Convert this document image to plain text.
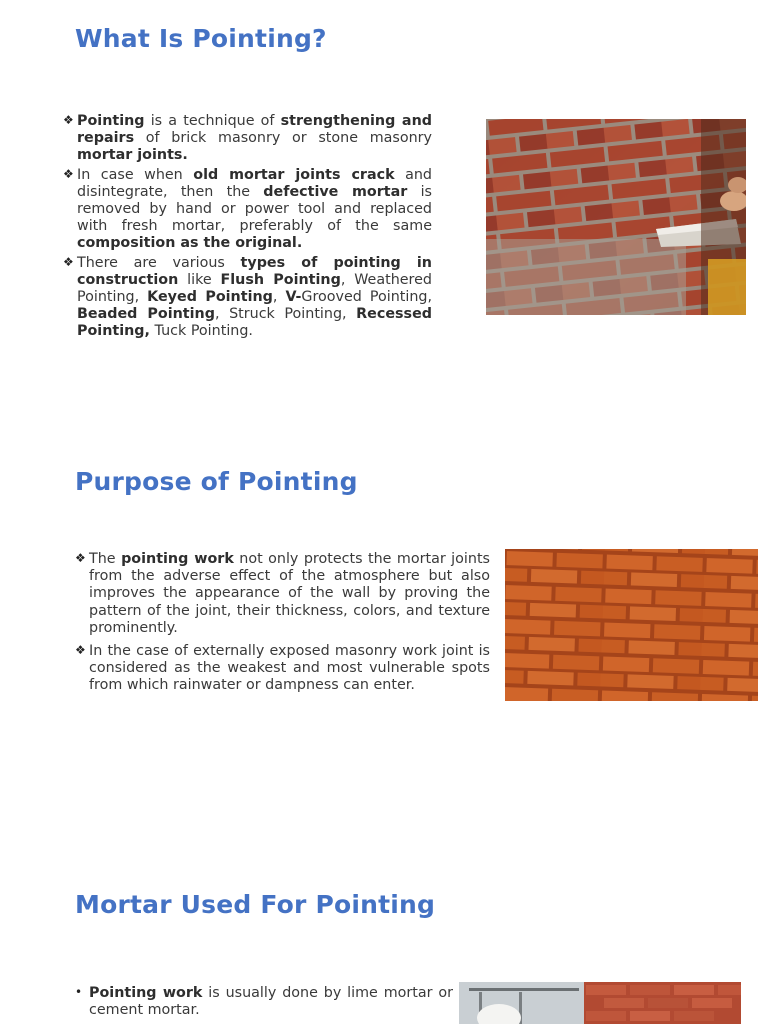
What Is Pointing?
❖ Pointing is a technique of strengthening and repairs of brick masonry or stone masonry mortar joints.
❖ In case when old mortar joints crack and disintegrate, then the defective mortar is removed by hand or power tool and replaced with fresh mortar, preferably of the same composition as the original.
❖ There are various types of pointing in construction like Flush Pointing, Weathered Pointing, Keyed Pointing, V-Grooved Pointing, Beaded Pointing, Struck Pointing, Recessed Pointing, Tuck Pointing.
Purpose of Pointing
❖ The pointing work not only protects the mortar joints from the adverse effect of the atmosphere but also improves the appearance of the wall by proving the pattern of the joint, their thickness, colors, and texture prominently.
❖ In the case of externally exposed masonry work joint is considered as the weakest and most vulnerable spots from which rainwater or dampness can enter.
Mortar Used For Pointing
• Pointing work is usually done by lime mortar or cement mortar.
